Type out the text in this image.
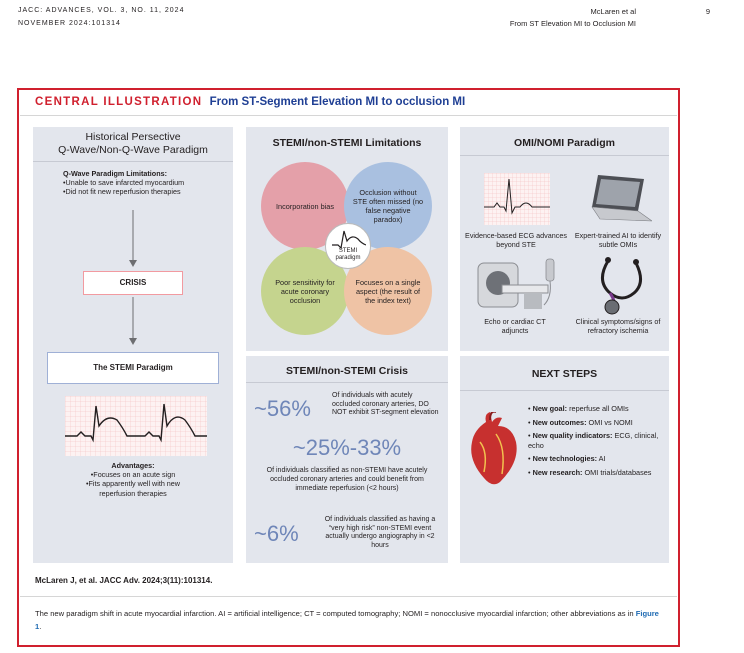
JACC: ADVANCES, VOL. 3, NO. 11, 2024
NOVEMBER 2024:101314
McLaren et al
From ST Elevation MI to Occlusion MI
9
CENTRAL ILLUSTRATION From ST-Segment Elevation MI to occlusion MI
Historical Persective
Q-Wave/Non-Q-Wave Paradigm
Q-Wave Paradigm Limitations:
•Unable to save infarcted myocardium
•Did not fit new reperfusion therapies
CRISIS
The STEMI Paradigm
Advantages:
•Focuses on an acute sign
•Fits apparently well with new
reperfusion therapies
STEMI/non-STEMI Limitations
Incorporation bias
Occlusion without STE often missed (no false negative paradox)
Poor sensitivity for acute coronary occlusion
Focuses on a single aspect (the result of the index text)
STEMI
paradigm
STEMI/non-STEMI Crisis
~56%
Of individuals with acutely occluded coronary arteries, DO NOT exhibit ST-segment elevation
~25%-33%
Of individuals classified as non-STEMI have acutely occluded coronary arteries and could benefit from immediate reperfusion (<2 hours)
~6%
Of individuals classified as having a “very high risk” non-STEMI event actually undergo angiography in <2 hours
OMI/NOMI Paradigm
Evidence-based ECG advances beyond STE
Expert-trained AI to identify subtle OMIs
Echo or cardiac CT adjuncts
Clinical symptoms/signs of refractory ischemia
NEXT STEPS
• New goal: reperfuse all OMIs
• New outcomes: OMI vs NOMI
• New quality indicators: ECG, clinical, echo
• New technologies: AI
• New research: OMI trials/databases
McLaren J, et al. JACC Adv. 2024;3(11):101314.
The new paradigm shift in acute myocardial infarction. AI = artificial intelligence; CT = computed tomography; NOMI = nonocclusive myocardial infarction; other abbreviations as in Figure 1.
